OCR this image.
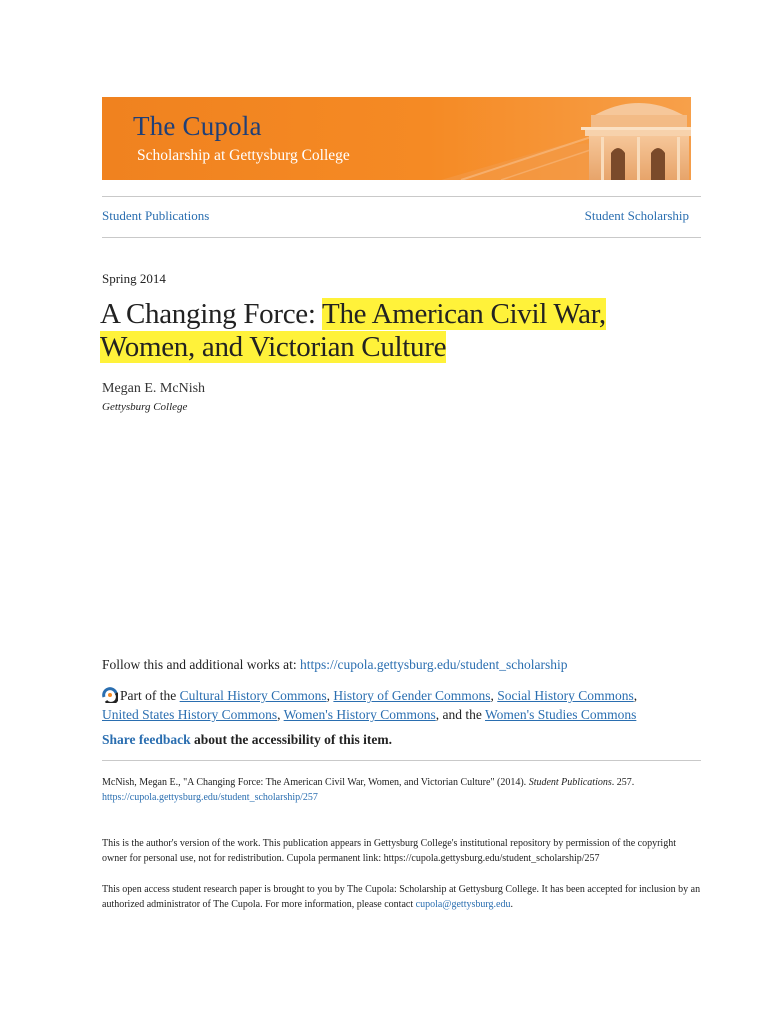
The Cupola
Scholarship at Gettysburg College
Student Publications	Student Scholarship
Spring 2014
A Changing Force: The American Civil War,
Women, and Victorian Culture
Megan E. McNish
Gettysburg College
Follow this and additional works at: https://cupola.gettysburg.edu/student_scholarship
Part of the Cultural History Commons, History of Gender Commons, Social History Commons,
United States History Commons, Women's History Commons, and the Women's Studies Commons
Share feedback about the accessibility of this item.
McNish, Megan E., "A Changing Force: The American Civil War, Women, and Victorian Culture" (2014). Student Publications. 257.
https://cupola.gettysburg.edu/student_scholarship/257
This is the author's version of the work. This publication appears in Gettysburg College's institutional repository by permission of the copyright owner for personal use, not for redistribution. Cupola permanent link: https://cupola.gettysburg.edu/student_scholarship/257
This open access student research paper is brought to you by The Cupola: Scholarship at Gettysburg College. It has been accepted for inclusion by an authorized administrator of The Cupola. For more information, please contact cupola@gettysburg.edu.
